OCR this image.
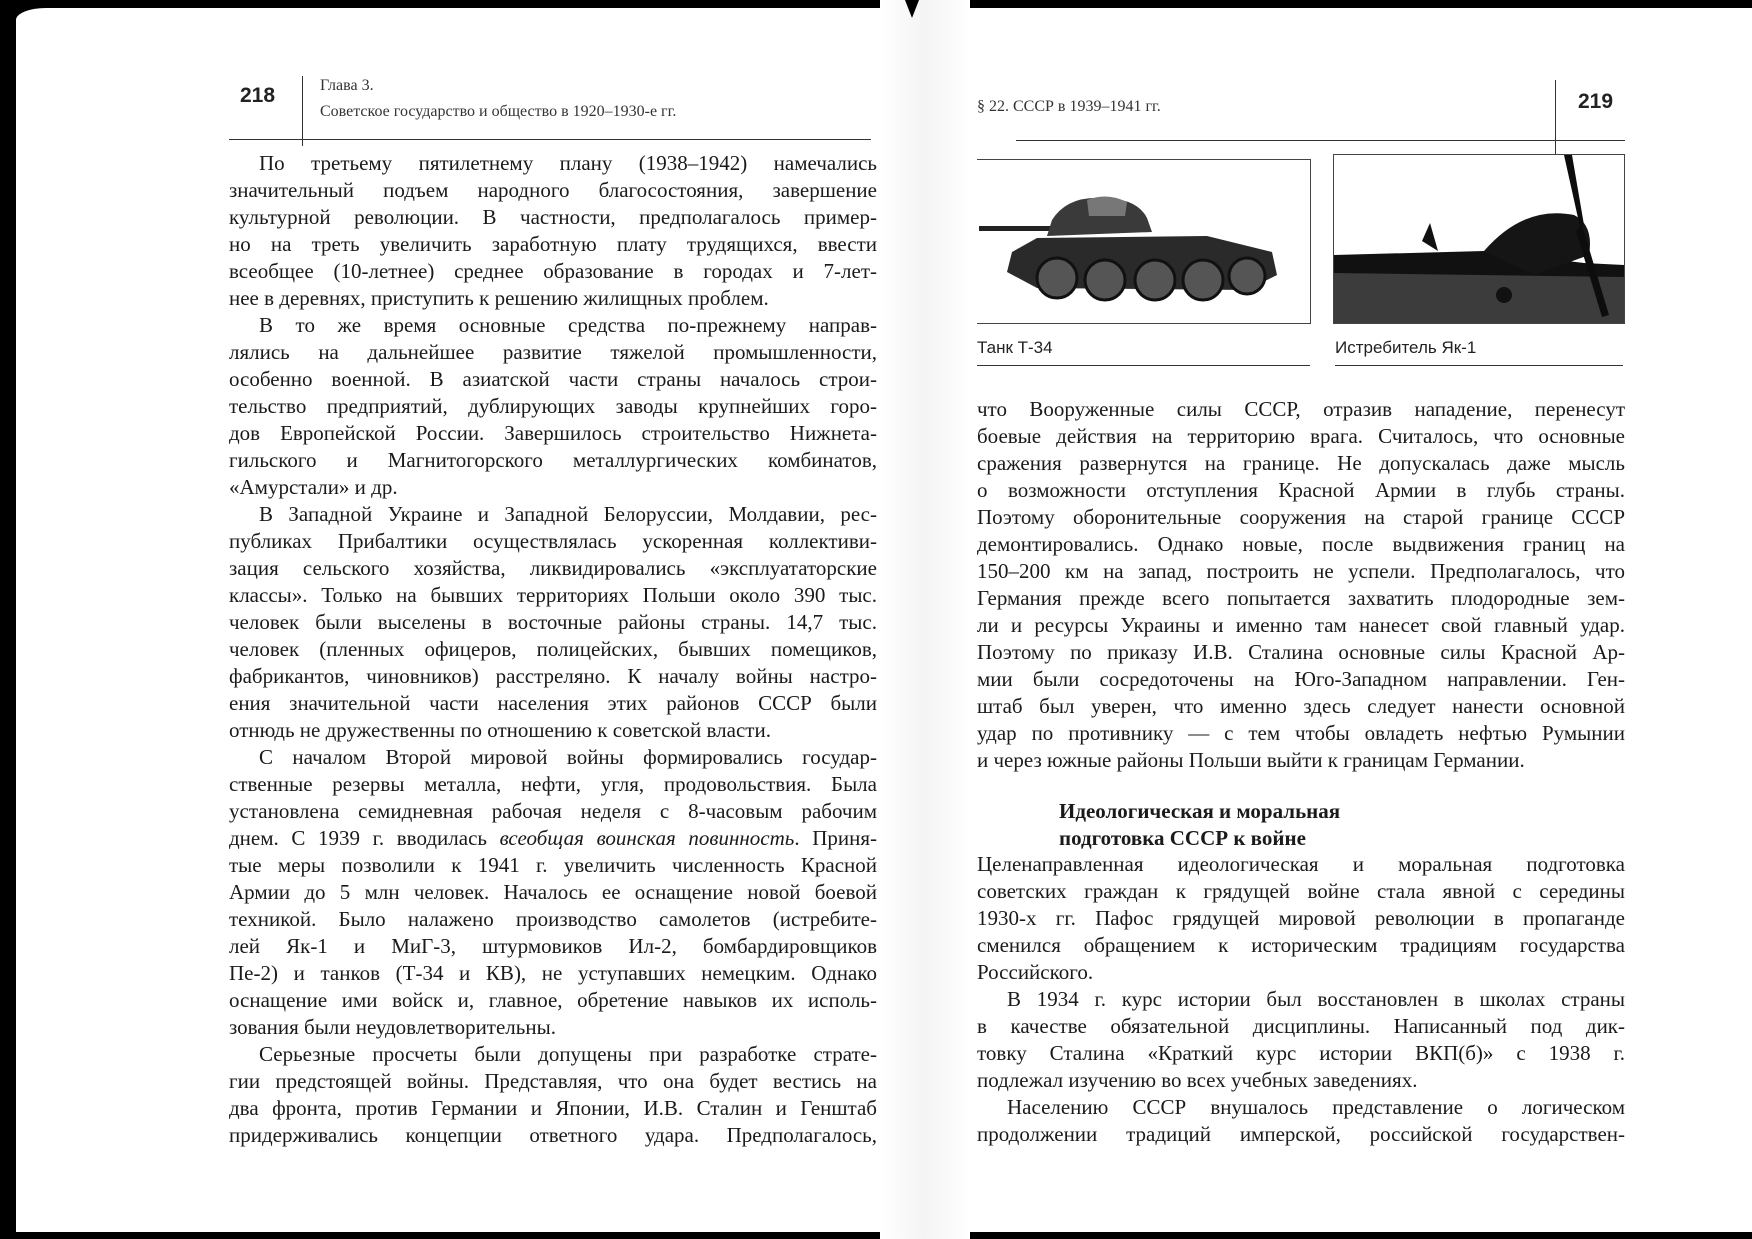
218	Глава 3.
Советское государство и общество в 1920–1930-е гг.
По третьему пятилетнему плану (1938–1942) намечались
значительный подъем народного благосостояния, завершение
культурной революции. В частности, предполагалось пример-
но на треть увеличить заработную плату трудящихся, ввести
всеобщее (10-летнее) среднее образование в городах и 7-лет-
нее в деревнях, приступить к решению жилищных проблем.
В то же время основные средства по-прежнему направ-
лялись на дальнейшее развитие тяжелой промышленности,
особенно военной. В азиатской части страны началось строи-
тельство предприятий, дублирующих заводы крупнейших горо-
дов Европейской России. Завершилось строительство Нижнета-
гильского и Магнитогорского металлургических комбинатов,
«Амурстали» и др.
В Западной Украине и Западной Белоруссии, Молдавии, рес-
публиках Прибалтики осуществлялась ускоренная коллективи-
зация сельского хозяйства, ликвидировались «эксплуататорские
классы». Только на бывших территориях Польши около 390 тыс.
человек были выселены в восточные районы страны. 14,7 тыс.
человек (пленных офицеров, полицейских, бывших помещиков,
фабрикантов, чиновников) расстреляно. К началу войны настро-
ения значительной части населения этих районов СССР были
отнюдь не дружественны по отношению к советской власти.
С началом Второй мировой войны формировались государ-
ственные резервы металла, нефти, угля, продовольствия. Была
установлена семидневная рабочая неделя с 8-часовым рабочим
днем. С 1939 г. вводилась всеобщая воинская повинность. Приня-
тые меры позволили к 1941 г. увеличить численность Красной
Армии до 5 млн человек. Началось ее оснащение новой боевой
техникой. Было налажено производство самолетов (истребите-
лей Як-1 и МиГ-3, штурмовиков Ил-2, бомбардировщиков
Пе-2) и танков (Т-34 и КВ), не уступавших немецким. Однако
оснащение ими войск и, главное, обретение навыков их исполь-
зования были неудовлетворительны.
Серьезные просчеты были допущены при разработке страте-
гии предстоящей войны. Представляя, что она будет вестись на
два фронта, против Германии и Японии, И.В. Сталин и Генштаб
придерживались концепции ответного удара. Предполагалось,
§ 22. СССР в 1939–1941 гг.	219
Танк Т-34	Истребитель Як-1
что Вооруженные силы СССР, отразив нападение, перенесут
боевые действия на территорию врага. Считалось, что основные
сражения развернутся на границе. Не допускалась даже мысль
о возможности отступления Красной Армии в глубь страны.
Поэтому оборонительные сооружения на старой границе СССР
демонтировались. Однако новые, после выдвижения границ на
150–200 км на запад, построить не успели. Предполагалось, что
Германия прежде всего попытается захватить плодородные зем-
ли и ресурсы Украины и именно там нанесет свой главный удар.
Поэтому по приказу И.В. Сталина основные силы Красной Ар-
мии были сосредоточены на Юго-Западном направлении. Ген-
штаб был уверен, что именно здесь следует нанести основной
удар по противнику — с тем чтобы овладеть нефтью Румынии
и через южные районы Польши выйти к границам Германии.
Идеологическая и моральная
подготовка СССР к войне
Целенаправленная идеологическая и моральная подготовка
советских граждан к грядущей войне стала явной с середины
1930-х гг. Пафос грядущей мировой революции в пропаганде
сменился обращением к историческим традициям государства
Российского.
В 1934 г. курс истории был восстановлен в школах страны
в качестве обязательной дисциплины. Написанный под дик-
товку Сталина «Краткий курс истории ВКП(б)» с 1938 г.
подлежал изучению во всех учебных заведениях.
Населению СССР внушалось представление о логическом
продолжении традиций имперской, российской государствен-
